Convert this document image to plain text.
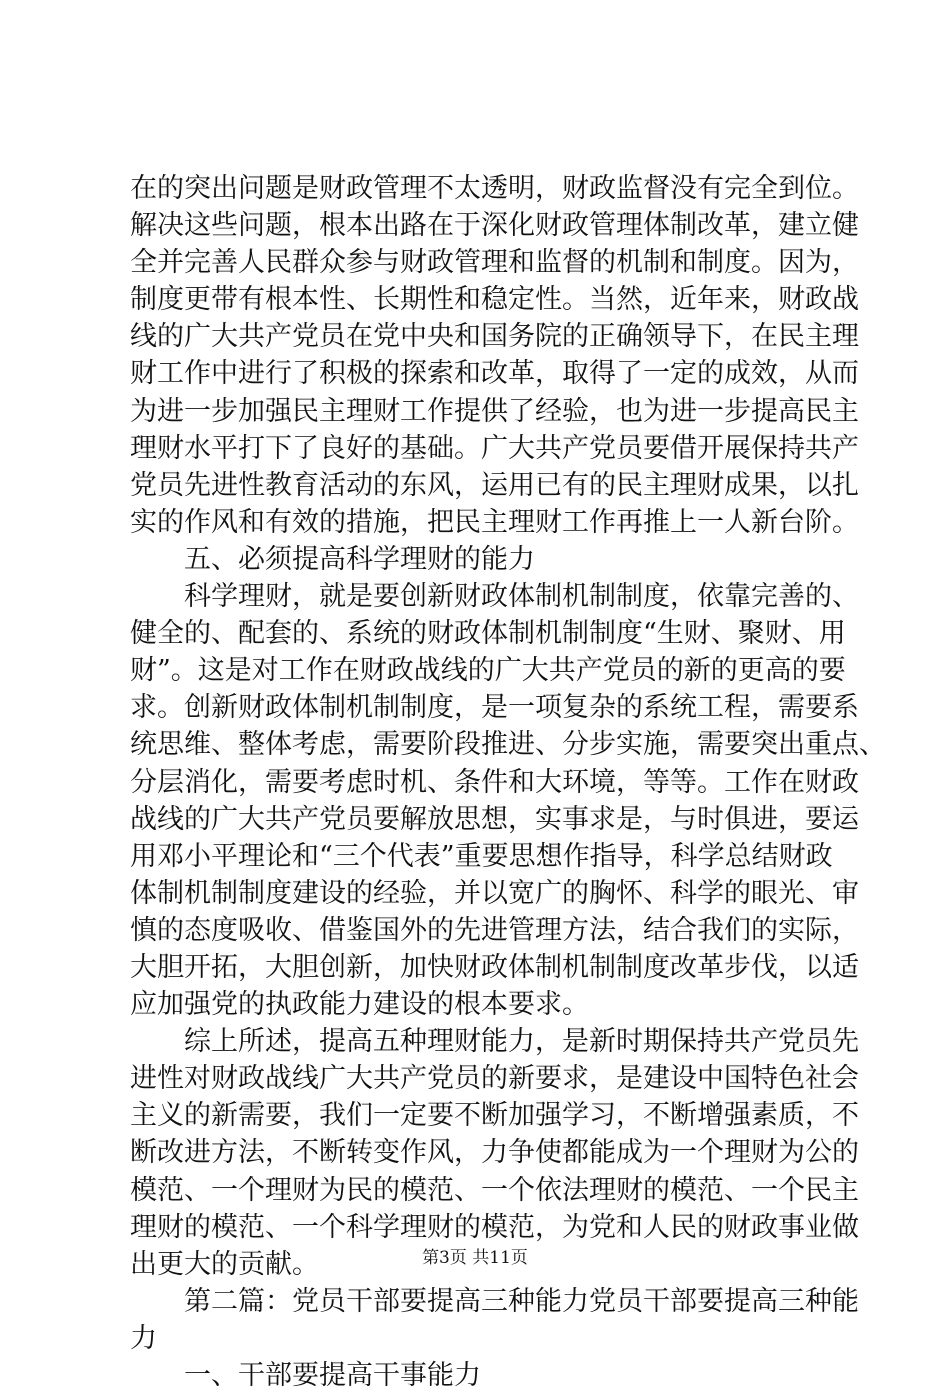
在的突出问题是财政管理不太透明，财政监督没有完全到位。
解决这些问题，根本出路在于深化财政管理体制改革，建立健
全并完善人民群众参与财政管理和监督的机制和制度。因为，
制度更带有根本性、长期性和稳定性。当然，近年来，财政战
线的广大共产党员在党中央和国务院的正确领导下，在民主理
财工作中进行了积极的探索和改革，取得了一定的成效，从而
为进一步加强民主理财工作提供了经验，也为进一步提高民主
理财水平打下了良好的基础。广大共产党员要借开展保持共产
党员先进性教育活动的东风，运用已有的民主理财成果，以扎
实的作风和有效的措施，把民主理财工作再推上一人新台阶。
　　五、必须提高科学理财的能力
　　科学理财，就是要创新财政体制机制制度，依靠完善的、
健全的、配套的、系统的财政体制机制制度“生财、聚财、用
财”。这是对工作在财政战线的广大共产党员的新的更高的要
求。创新财政体制机制制度，是一项复杂的系统工程，需要系
统思维、整体考虑，需要阶段推进、分步实施，需要突出重点、
分层消化，需要考虑时机、条件和大环境，等等。工作在财政
战线的广大共产党员要解放思想，实事求是，与时俱进，要运
用邓小平理论和“三个代表”重要思想作指导，科学总结财政
体制机制制度建设的经验，并以宽广的胸怀、科学的眼光、审
慎的态度吸收、借鉴国外的先进管理方法，结合我们的实际，
大胆开拓，大胆创新，加快财政体制机制制度改革步伐，以适
应加强党的执政能力建设的根本要求。
　　综上所述，提高五种理财能力，是新时期保持共产党员先
进性对财政战线广大共产党员的新要求，是建设中国特色社会
主义的新需要，我们一定要不断加强学习，不断增强素质，不
断改进方法，不断转变作风，力争使都能成为一个理财为公的
模范、一个理财为民的模范、一个依法理财的模范、一个民主
理财的模范、一个科学理财的模范，为党和人民的财政事业做
出更大的贡献。
　　第二篇：党员干部要提高三种能力党员干部要提高三种能
力
　　一、干部要提高干事能力
第3页 共11页
